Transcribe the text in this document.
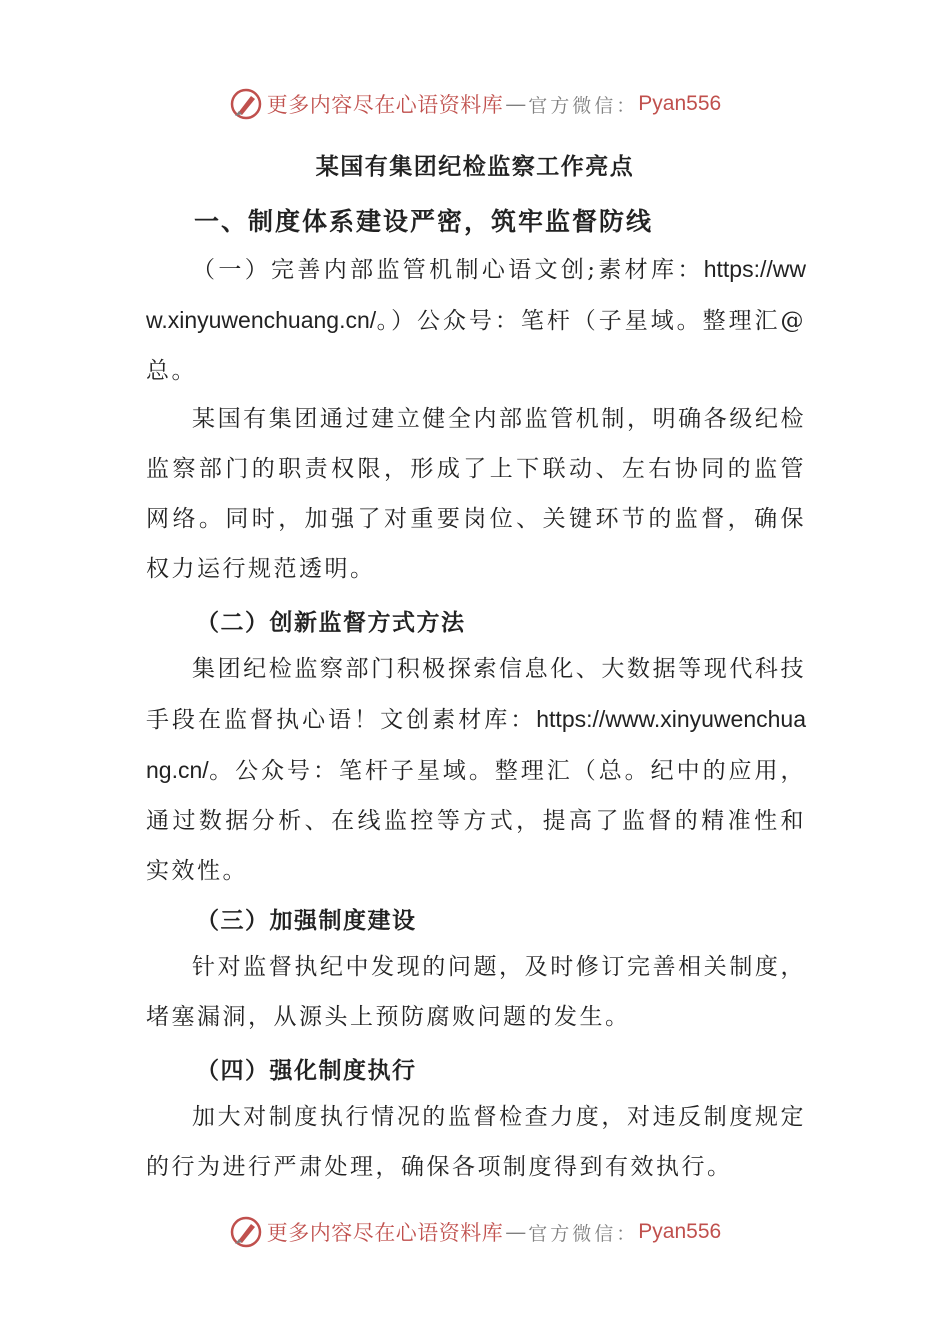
更多内容尽在心语资料库 — 官方微信： Pyan556
某国有集团纪检监察工作亮点
一、制度体系建设严密，筑牢监督防线

（一）完善内部监管机制心语文创;素材库：https://www.xinyuwenchuang.cn/。）公众号：笔杆（子星域。整理汇@总。

某国有集团通过建立健全内部监管机制，明确各级纪检监察部门的职责权限，形成了上下联动、左右协同的监管网络。同时，加强了对重要岗位、关键环节的监督，确保权力运行规范透明。

（二）创新监督方式方法

集团纪检监察部门积极探索信息化、大数据等现代科技手段在监督执心语！文创素材库：https://www.xinyuwenchuang.cn/。公众号：笔杆子星域。整理汇（总。纪中的应用，通过数据分析、在线监控等方式，提高了监督的精准性和实效性。

（三）加强制度建设

针对监督执纪中发现的问题，及时修订完善相关制度，堵塞漏洞，从源头上预防腐败问题的发生。

（四）强化制度执行

加大对制度执行情况的监督检查力度，对违反制度规定的行为进行严肃处理，确保各项制度得到有效执行。

更多内容尽在心语资料库 — 官方微信： Pyan556
